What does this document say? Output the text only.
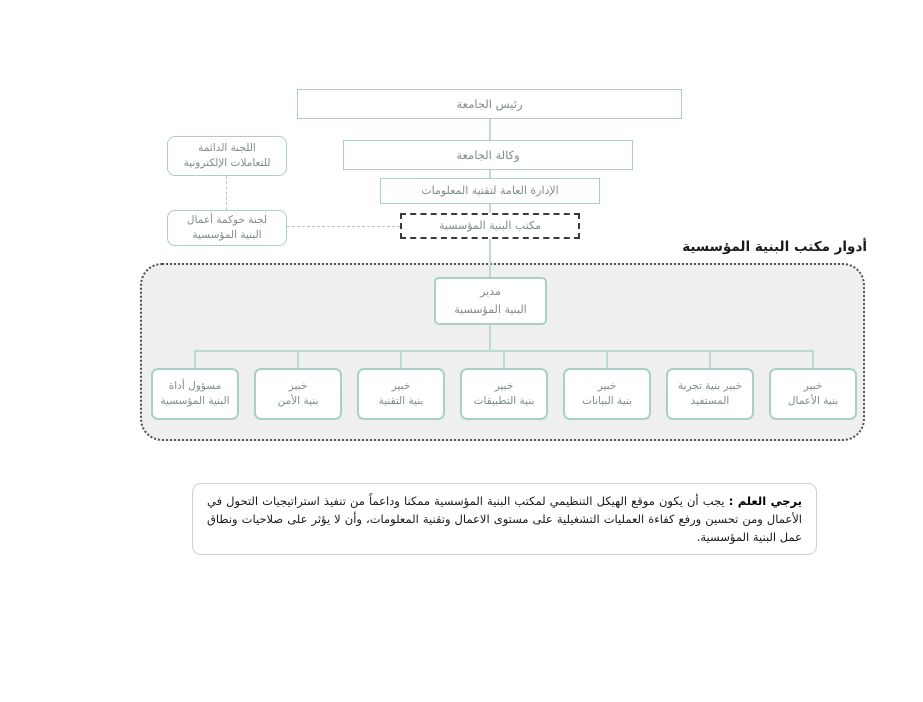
رئيس الجامعة
وكالة الجامعة
الإدارة العامة لتقنية المعلومات
مكتب البنية المؤسسية
اللجنة الدائمة
للتعاملات الإلكترونية
لجنة حوكمة أعمال
البنية المؤسسية
أدوار مكتب البنية المؤسسية
مدير
البنية المؤسسية
خبير
بنية الأعمال
خبير بنية تجربة
المستفيد
خبير
بنية البيانات
خبير
بنية التطبيقات
خبير
بنية التقنية
خبير
بنية الأمن
مسؤول أداة
البنية المؤسسية

يرجي العلم : يجب أن يكون موقع الهيكل التنظيمي لمكتب البنية المؤسسية ممكنا وداعماً من تنفيذ استراتيجيات التحول في الأعمال ومن تحسين ورفع كفاءة العمليات التشغيلية على مستوى الاعمال وتقنية المعلومات، وأن لا يؤثر على صلاحيات ونطاق عمل البنية المؤسسية.
